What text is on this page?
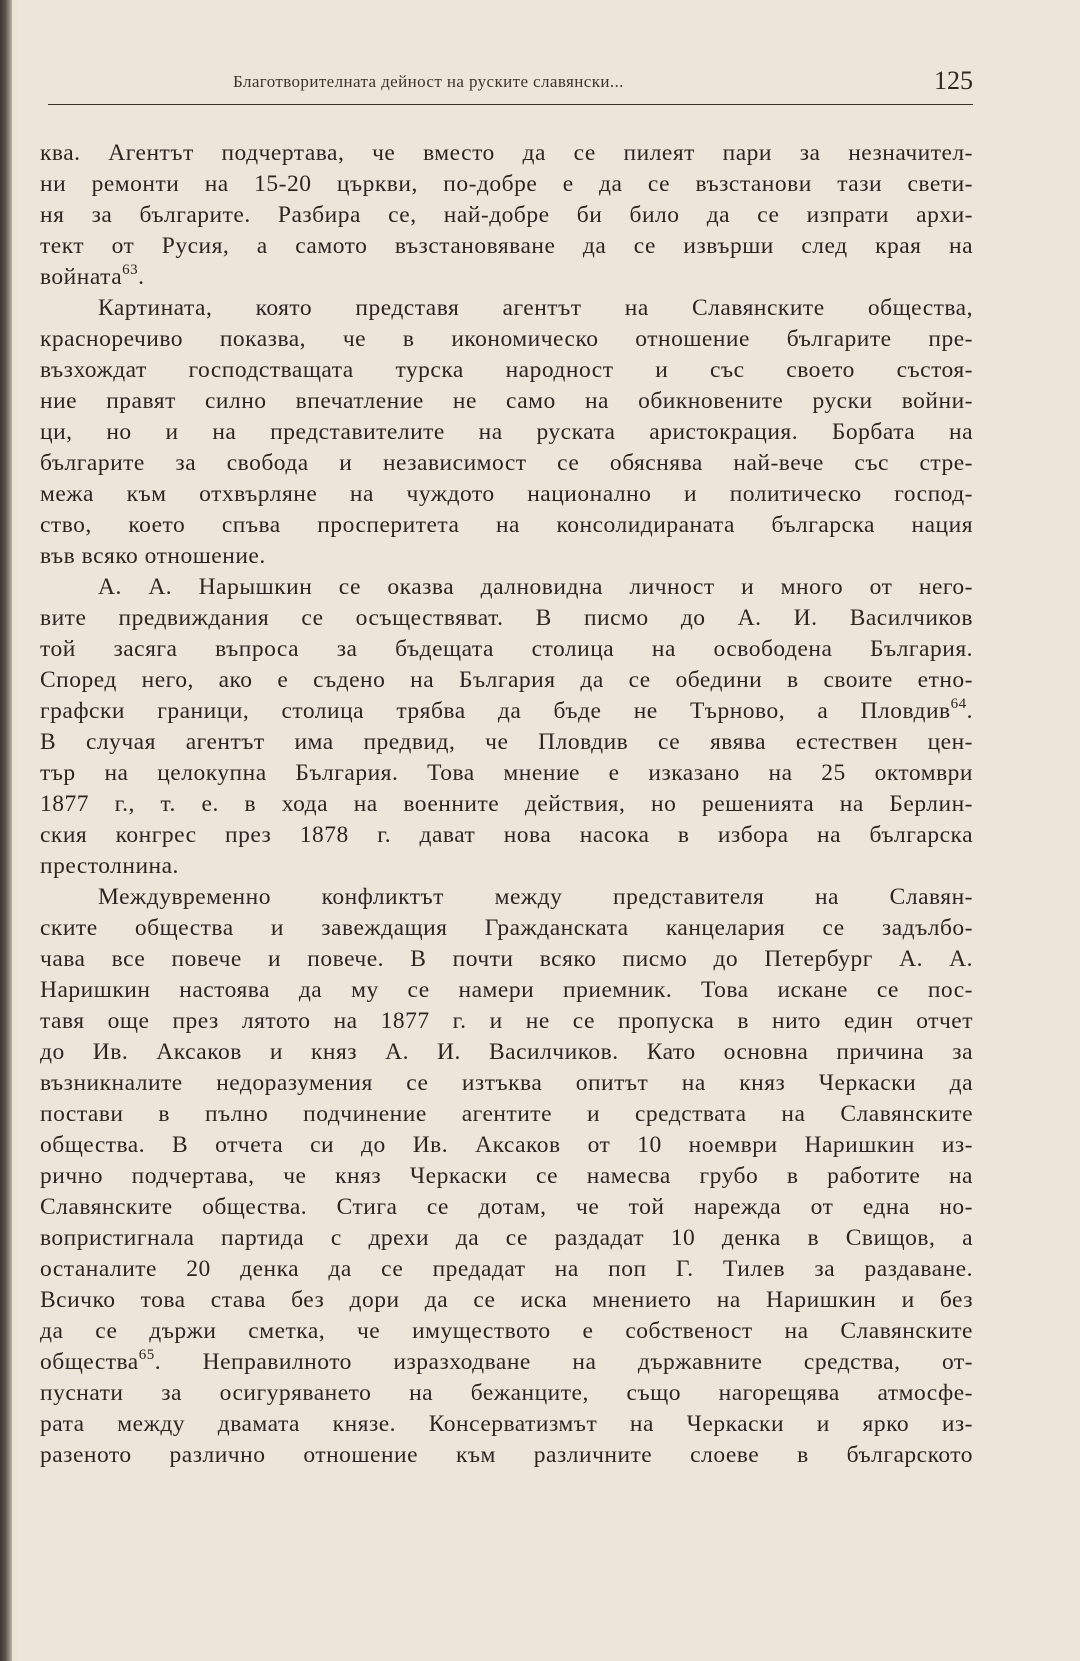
Благотворителната дейност на руските славянски...	125
ква. Агентът подчертава, че вместо да се пилеят пари за незначител-
ни ремонти на 15-20 църкви, по-добре е да се възстанови тази свети-
ня за българите. Разбира се, най-добре би било да се изпрати архи-
тект от Русия, а самото възстановяване да се извърши след края на
войната$^{63}$.
Картината, която представя агентът на Славянските общества,
красноречиво показва, че в икономическо отношение българите пре-
възхождат господстващата турска народност и със своето състоя-
ние правят силно впечатление не само на обикновените руски войни-
ци, но и на представителите на руската аристокрация. Борбата на
българите за свобода и независимост се обяснява най-вече със стре-
межа към отхвърляне на чуждото национално и политическо господ-
ство, което спъва просперитета на консолидираната българска нация
във всяко отношение.
А. А. Нарышкин се оказва далновидна личност и много от него-
вите предвиждания се осъществяват. В писмо до А. И. Василчиков
той засяга въпроса за бъдещата столица на освободена България.
Според него, ако е съдено на България да се обедини в своите етно-
графски граници, столица трябва да бъде не Търново, а Пловдив$^{64}$.
В случая агентът има предвид, че Пловдив се явява естествен цен-
тър на целокупна България. Това мнение е изказано на 25 октомври
1877 г., т. е. в хода на военните действия, но решенията на Берлин-
ския конгрес през 1878 г. дават нова насока в избора на българска
престолнина.
Междувременно конфликтът между представителя на Славян-
ските общества и завеждащия Гражданската канцелария се задълбо-
чава все повече и повече. В почти всяко писмо до Петербург А. А.
Наришкин настоява да му се намери приемник. Това искане се пос-
тавя още през лятото на 1877 г. и не се пропуска в нито един отчет
до Ив. Аксаков и княз А. И. Василчиков. Като основна причина за
възникналите недоразумения се изтъква опитът на княз Черкаски да
постави в пълно подчинение агентите и средствата на Славянските
общества. В отчета си до Ив. Аксаков от 10 ноември Наришкин из-
рично подчертава, че княз Черкаски се намесва грубо в работите на
Славянските общества. Стига се дотам, че той нарежда от една но-
вопристигнала партида с дрехи да се раздадат 10 денка в Свищов, а
останалите 20 денка да се предадат на поп Г. Тилев за раздаване.
Всичко това става без дори да се иска мнението на Наришкин и без
да се държи сметка, че имуществото е собственост на Славянските
общества$^{65}$. Неправилното изразходване на държавните средства, от-
пуснати за осигуряването на бежанците, също нагорещява атмосфе-
рата между двамата князе. Консерватизмът на Черкаски и ярко из-
разеното различно отношение към различните слоеве в българското
